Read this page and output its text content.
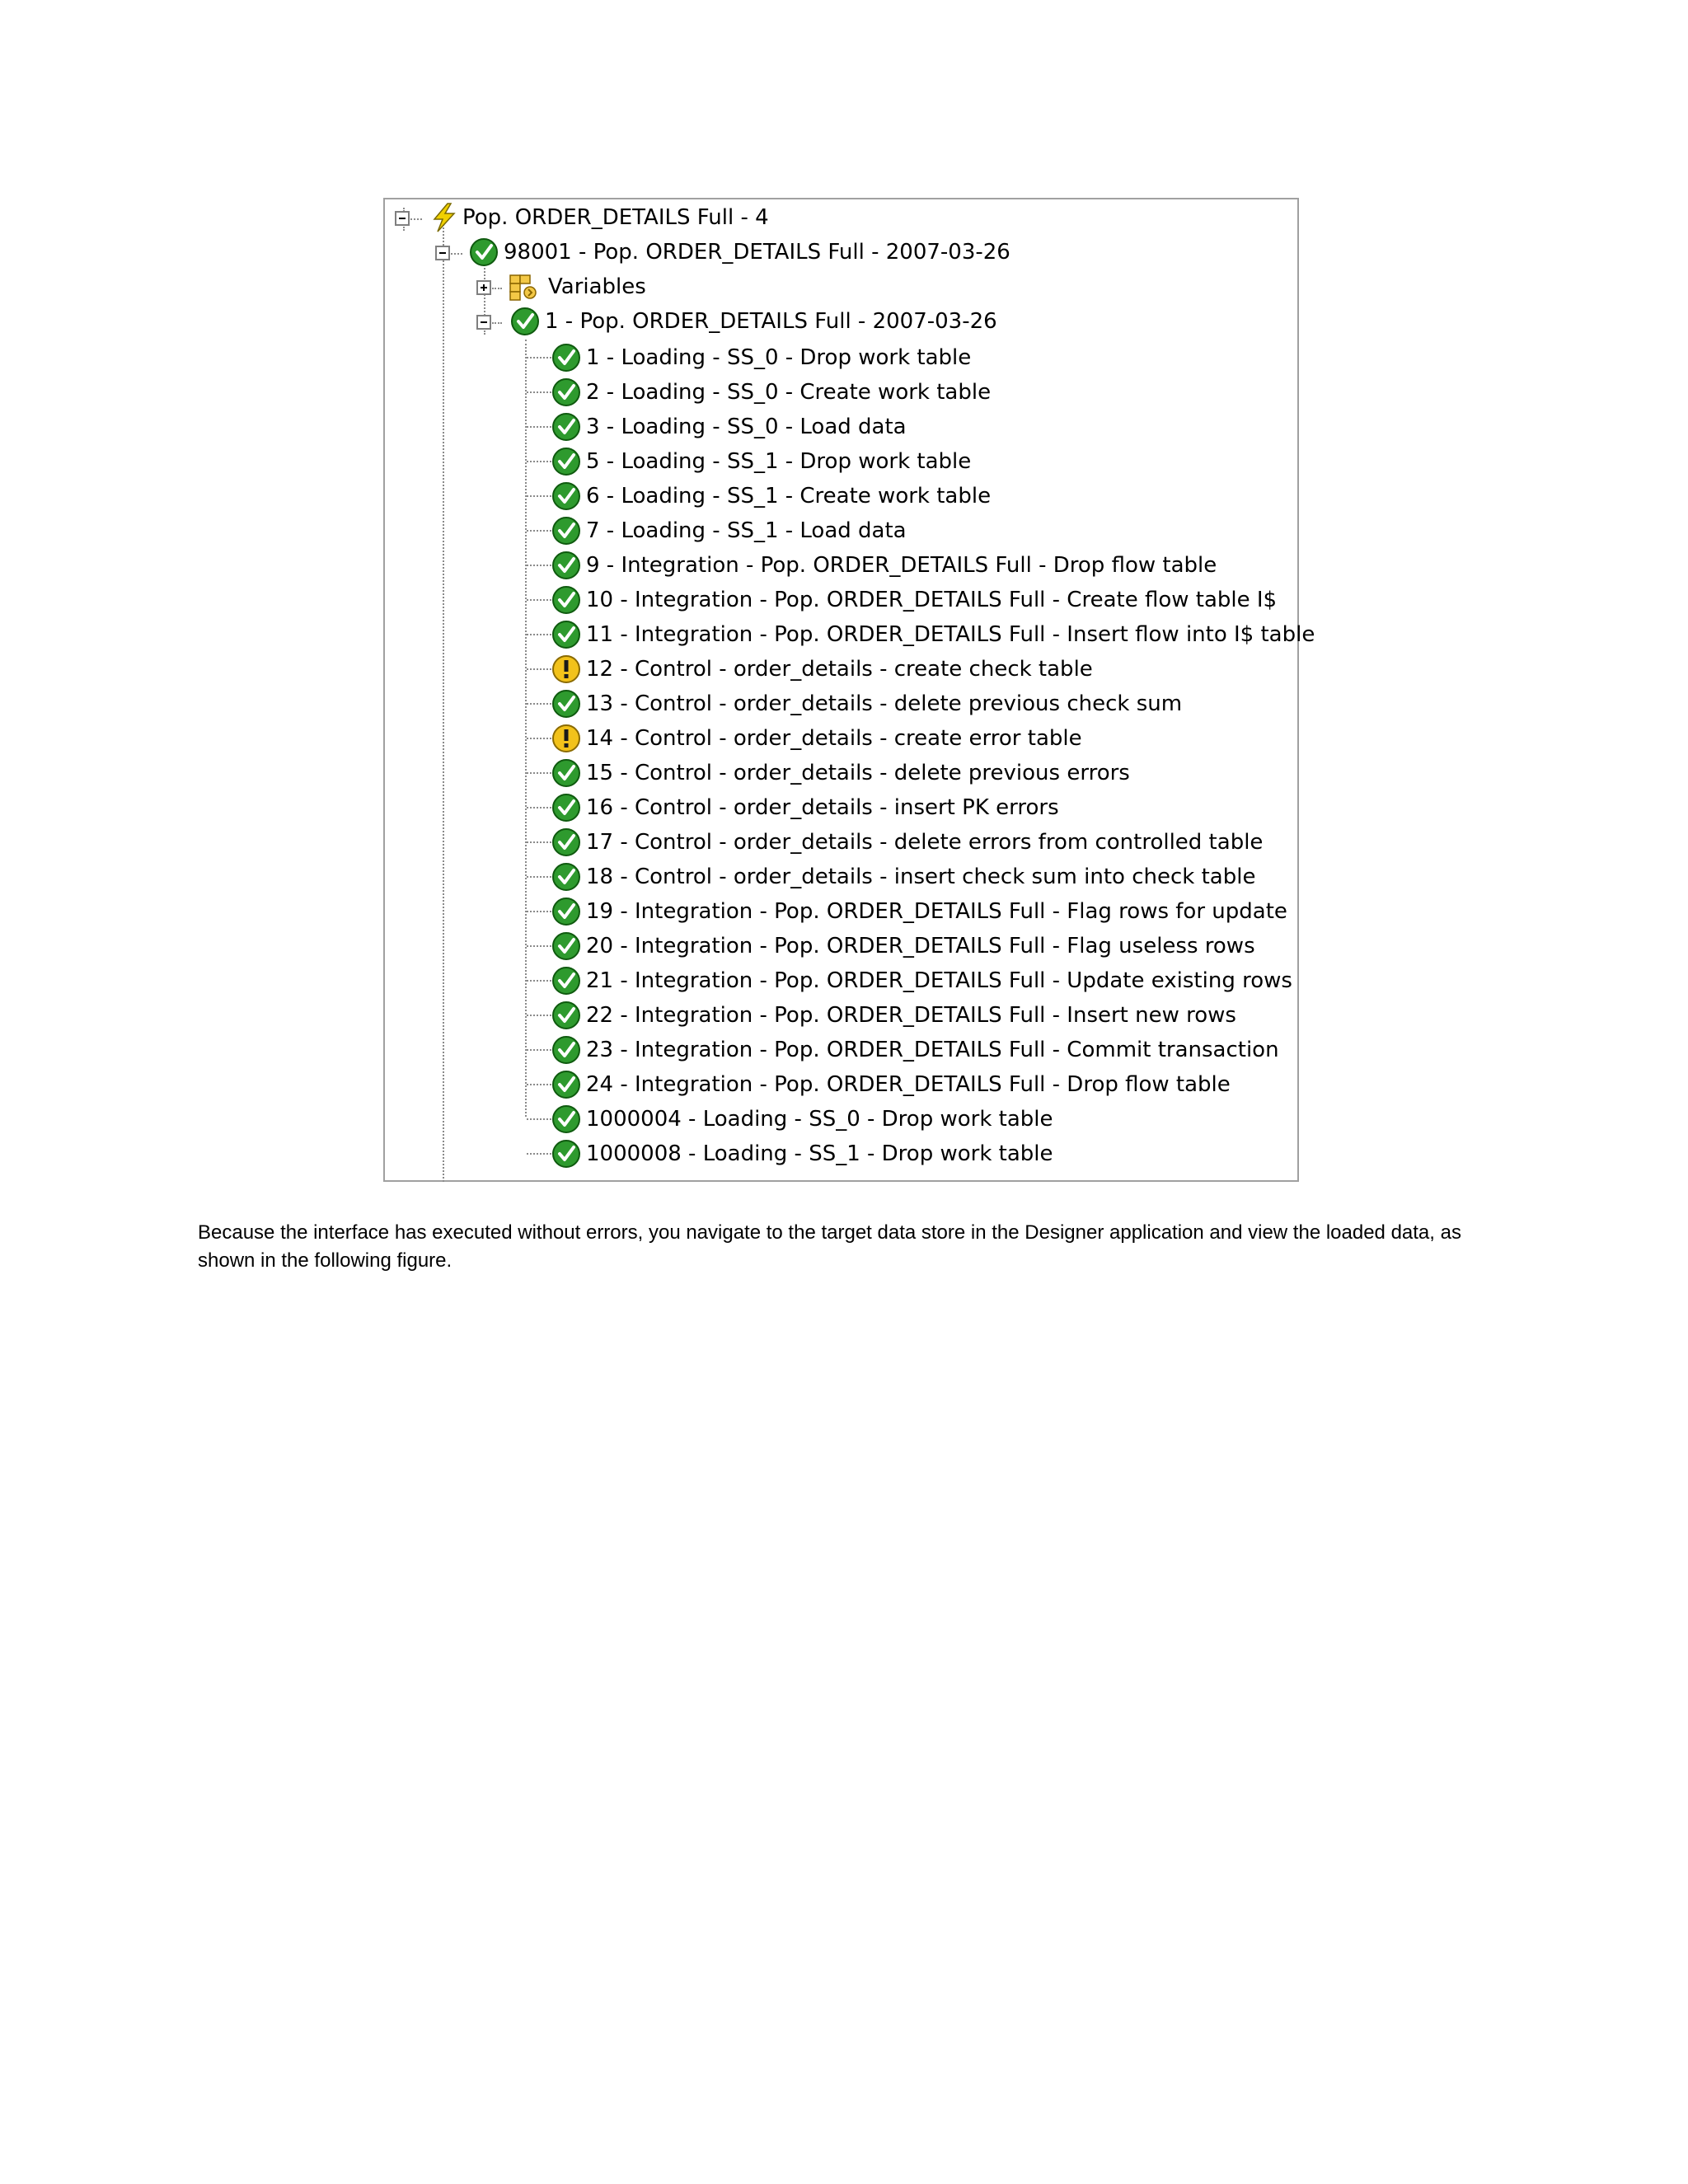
Pop. ORDER_DETAILS Full - 4
98001 - Pop. ORDER_DETAILS Full - 2007-03-26
Variables
1 - Pop. ORDER_DETAILS Full - 2007-03-26
1 - Loading - SS_0 - Drop work table
2 - Loading - SS_0 - Create work table
3 - Loading - SS_0 - Load data
5 - Loading - SS_1 - Drop work table
6 - Loading - SS_1 - Create work table
7 - Loading - SS_1 - Load data
9 - Integration - Pop. ORDER_DETAILS Full - Drop flow table
10 - Integration - Pop. ORDER_DETAILS Full - Create flow table I$
11 - Integration - Pop. ORDER_DETAILS Full - Insert flow into I$ table
12 - Control - order_details - create check table
13 - Control - order_details - delete previous check sum
14 - Control - order_details - create error table
15 - Control - order_details - delete previous errors
16 - Control - order_details - insert PK errors
17 - Control - order_details - delete errors from controlled table
18 - Control - order_details - insert check sum into check table
19 - Integration - Pop. ORDER_DETAILS Full - Flag rows for update
20 - Integration - Pop. ORDER_DETAILS Full - Flag useless rows
21 - Integration - Pop. ORDER_DETAILS Full - Update existing rows
22 - Integration - Pop. ORDER_DETAILS Full - Insert new rows
23 - Integration - Pop. ORDER_DETAILS Full - Commit transaction
24 - Integration - Pop. ORDER_DETAILS Full - Drop flow table
1000004 - Loading - SS_0 - Drop work table
1000008 - Loading - SS_1 - Drop work table

Because the interface has executed without errors, you navigate to the target data store in the Designer application and view the loaded data, as shown in the following figure.
